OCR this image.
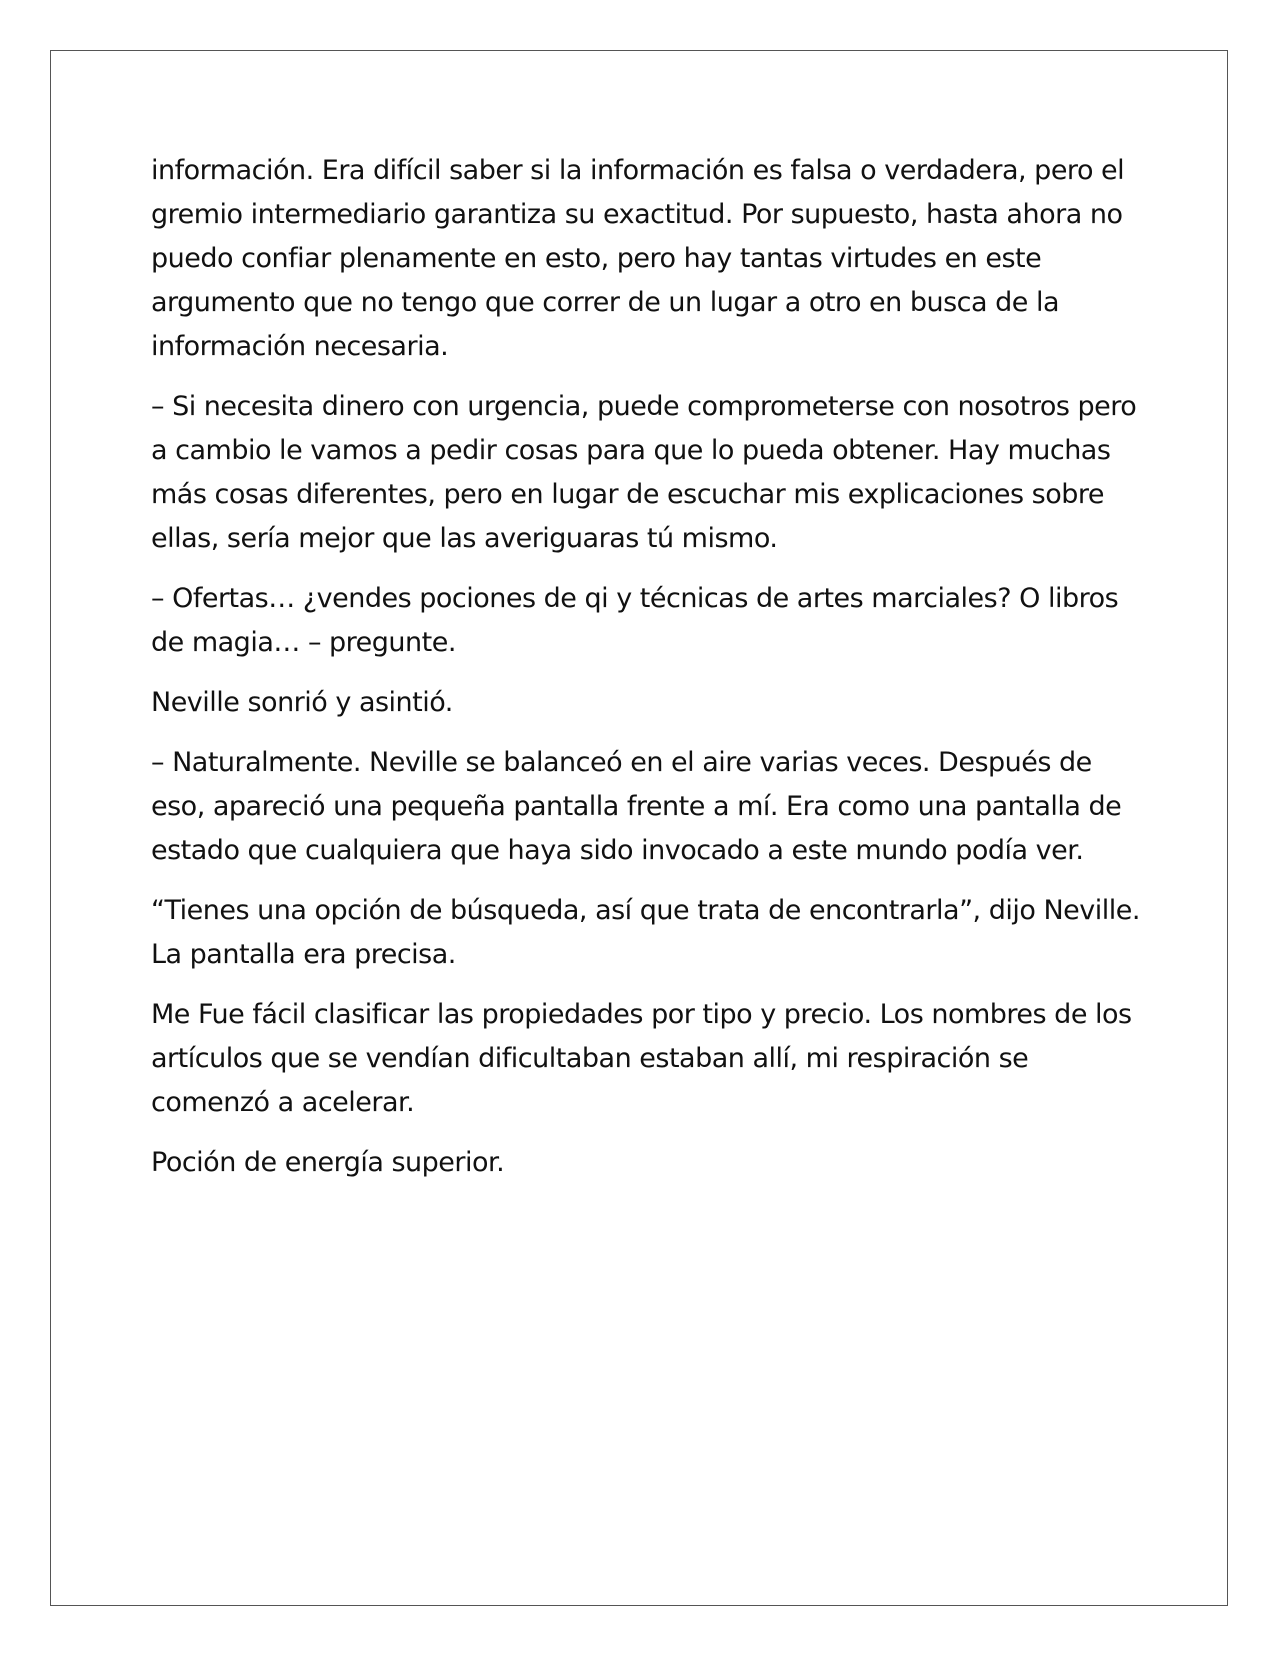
información. Era difícil saber si la información es falsa o verdadera, pero el gremio intermediario garantiza su exactitud. Por supuesto, hasta ahora no puedo confiar plenamente en esto, pero hay tantas virtudes en este argumento que no tengo que correr de un lugar a otro en busca de la información necesaria.

– Si necesita dinero con urgencia, puede comprometerse con nosotros pero a cambio le vamos a pedir cosas para que lo pueda obtener. Hay muchas más cosas diferentes, pero en lugar de escuchar mis explicaciones sobre ellas, sería mejor que las averiguaras tú mismo.

– Ofertas… ¿vendes pociones de qi y técnicas de artes marciales? O libros de magia… – pregunte.

Neville sonrió y asintió.

– Naturalmente. Neville se balanceó en el aire varias veces. Después de eso, apareció una pequeña pantalla frente a mí. Era como una pantalla de estado que cualquiera que haya sido invocado a este mundo podía ver.

“Tienes una opción de búsqueda, así que trata de encontrarla”, dijo Neville. La pantalla era precisa.

Me Fue fácil clasificar las propiedades por tipo y precio. Los nombres de los artículos que se vendían dificultaban estaban allí, mi respiración se comenzó a acelerar.

Poción de energía superior.
